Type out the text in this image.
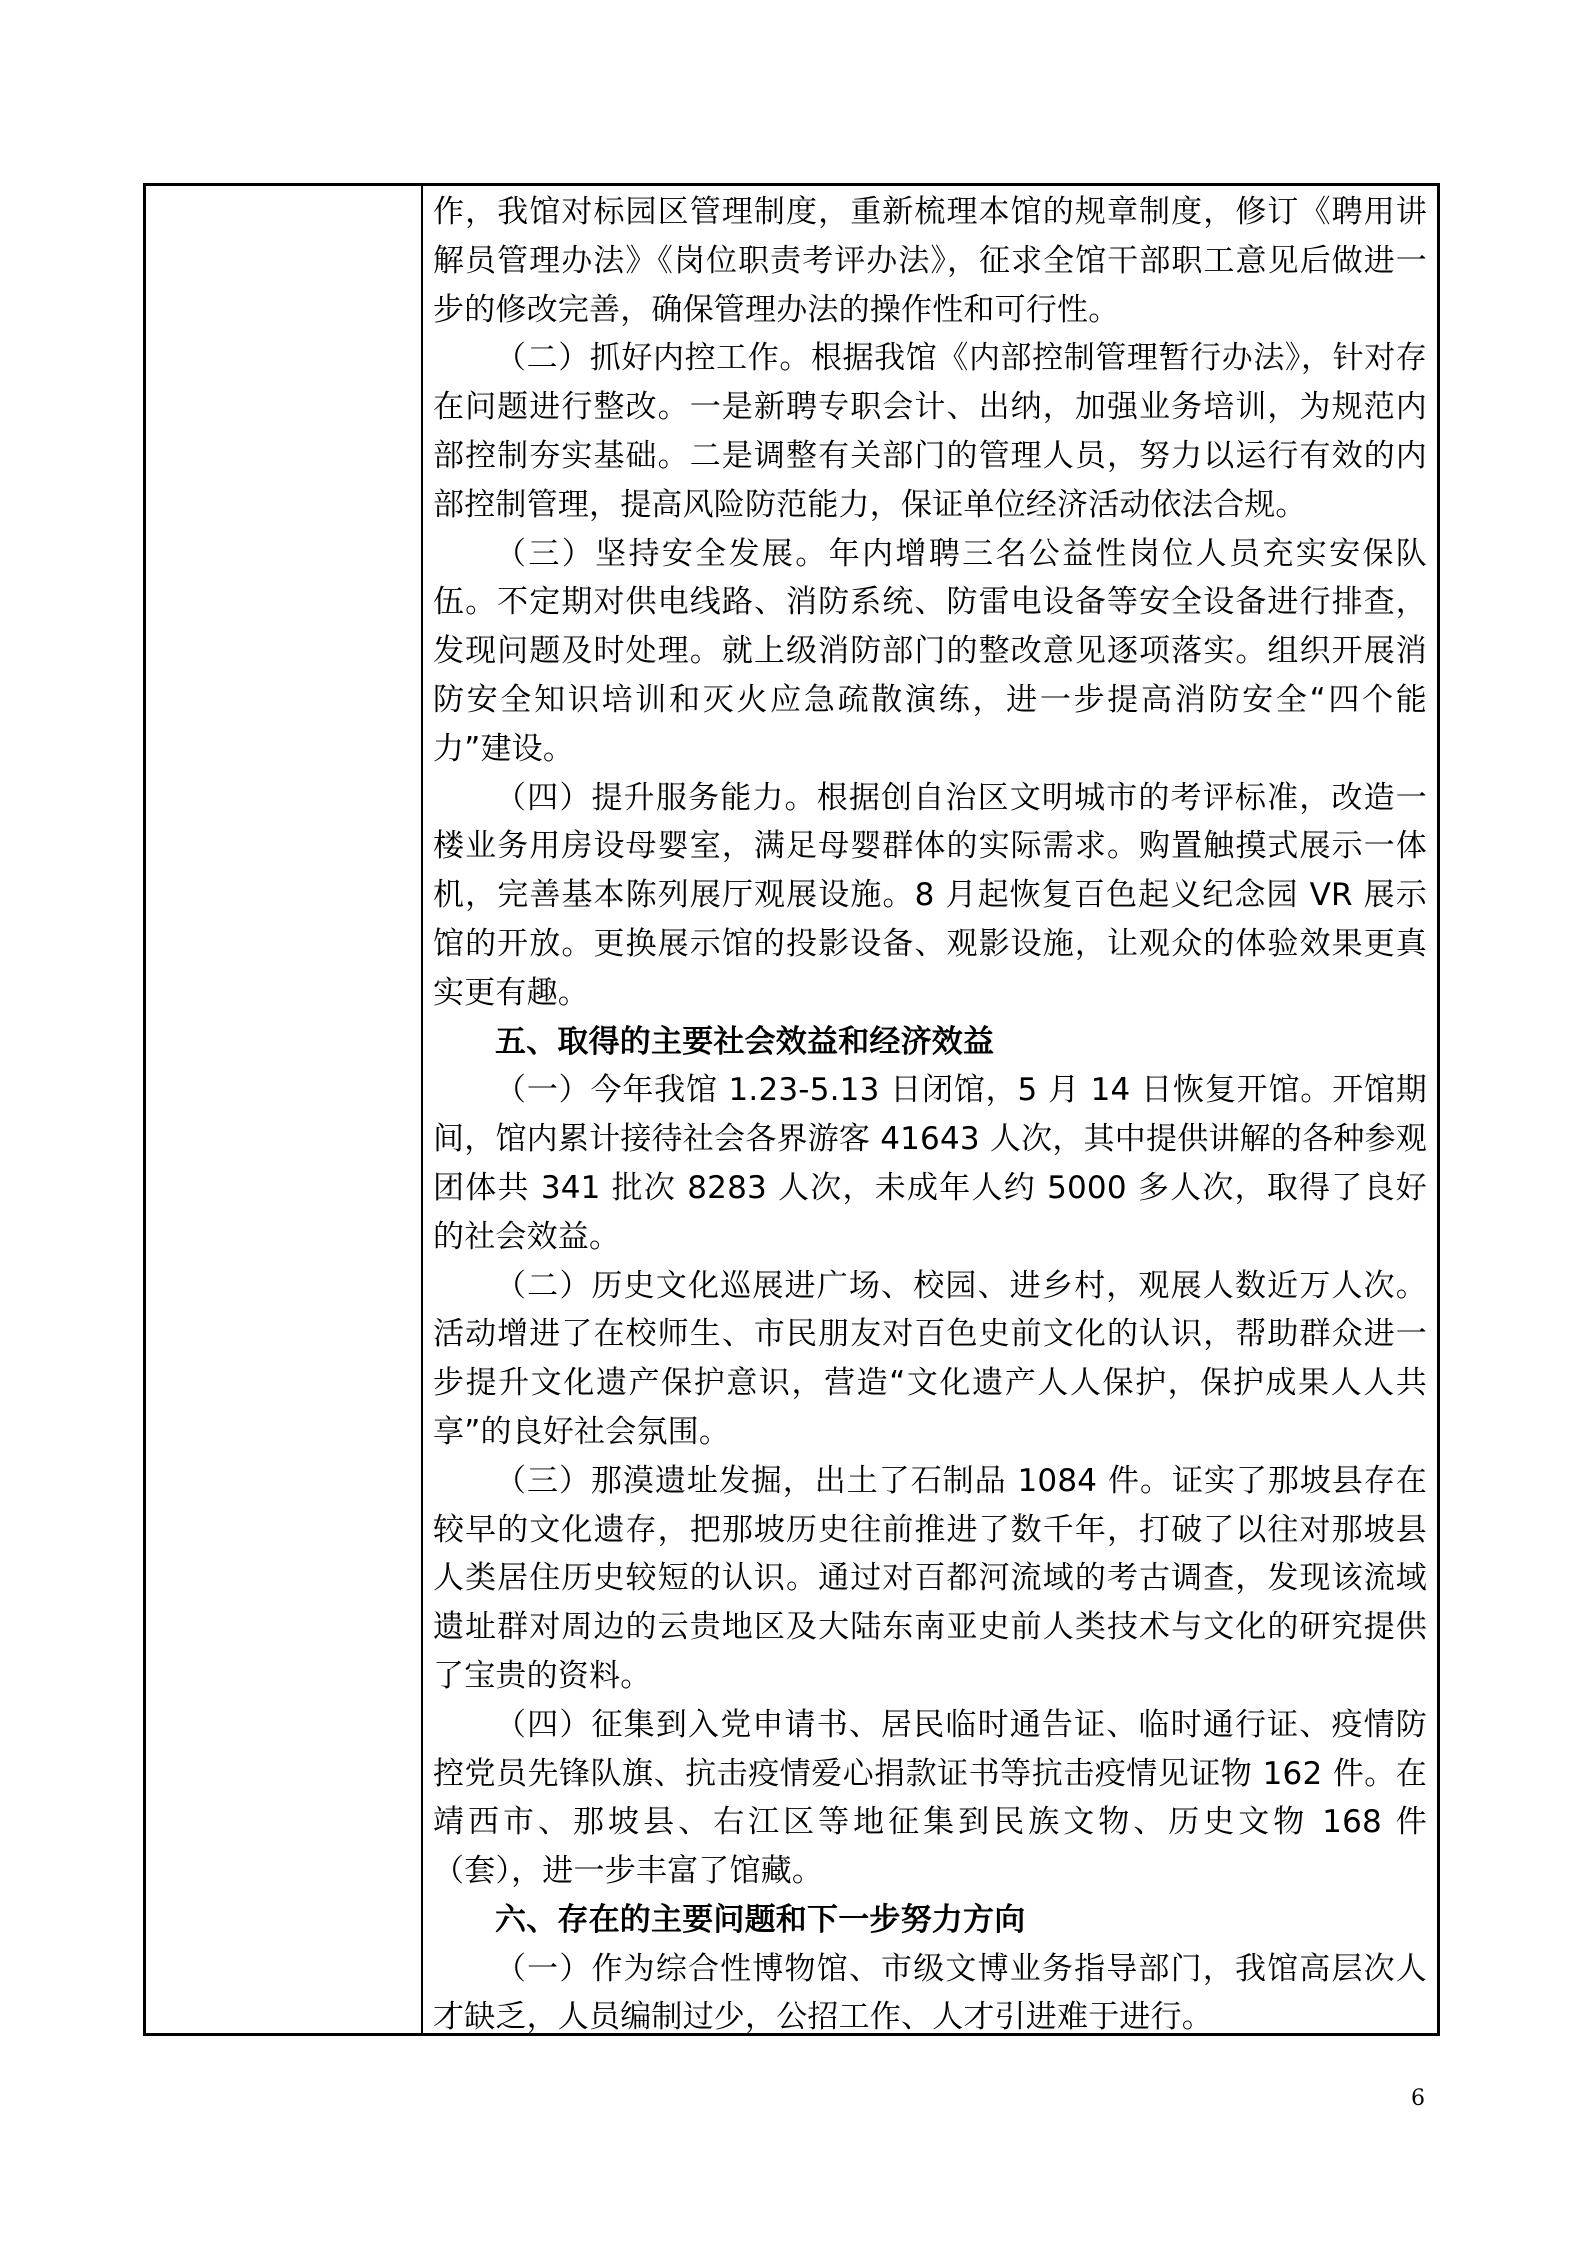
作，我馆对标园区管理制度，重新梳理本馆的规章制度，修订《聘用讲解员管理办法》《岗位职责考评办法》，征求全馆干部职工意见后做进一步的修改完善，确保管理办法的操作性和可行性。

（二）抓好内控工作。根据我馆《内部控制管理暂行办法》，针对存在问题进行整改。一是新聘专职会计、出纳，加强业务培训，为规范内部控制夯实基础。二是调整有关部门的管理人员，努力以运行有效的内部控制管理，提高风险防范能力，保证单位经济活动依法合规。

（三）坚持安全发展。年内增聘三名公益性岗位人员充实安保队伍。不定期对供电线路、消防系统、防雷电设备等安全设备进行排查，发现问题及时处理。就上级消防部门的整改意见逐项落实。组织开展消防安全知识培训和灭火应急疏散演练，进一步提高消防安全“四个能力”建设。

（四）提升服务能力。根据创自治区文明城市的考评标准，改造一楼业务用房设母婴室，满足母婴群体的实际需求。购置触摸式展示一体机，完善基本陈列展厅观展设施。8 月起恢复百色起义纪念园 VR 展示馆的开放。更换展示馆的投影设备、观影设施，让观众的体验效果更真实更有趣。

五、取得的主要社会效益和经济效益

（一）今年我馆 1.23-5.13 日闭馆，5 月 14 日恢复开馆。开馆期间，馆内累计接待社会各界游客 41643 人次，其中提供讲解的各种参观团体共 341 批次 8283 人次，未成年人约 5000 多人次，取得了良好的社会效益。

（二）历史文化巡展进广场、校园、进乡村，观展人数近万人次。活动增进了在校师生、市民朋友对百色史前文化的认识，帮助群众进一步提升文化遗产保护意识，营造“文化遗产人人保护，保护成果人人共享”的良好社会氛围。

（三）那漠遗址发掘，出土了石制品 1084 件。证实了那坡县存在较早的文化遗存，把那坡历史往前推进了数千年，打破了以往对那坡县人类居住历史较短的认识。通过对百都河流域的考古调查，发现该流域遗址群对周边的云贵地区及大陆东南亚史前人类技术与文化的研究提供了宝贵的资料。

（四）征集到入党申请书、居民临时通告证、临时通行证、疫情防控党员先锋队旗、抗击疫情爱心捐款证书等抗击疫情见证物 162 件。在靖西市、那坡县、右江区等地征集到民族文物、历史文物 168 件（套），进一步丰富了馆藏。

六、存在的主要问题和下一步努力方向

（一）作为综合性博物馆、市级文博业务指导部门，我馆高层次人才缺乏，人员编制过少，公招工作、人才引进难于进行。

6
